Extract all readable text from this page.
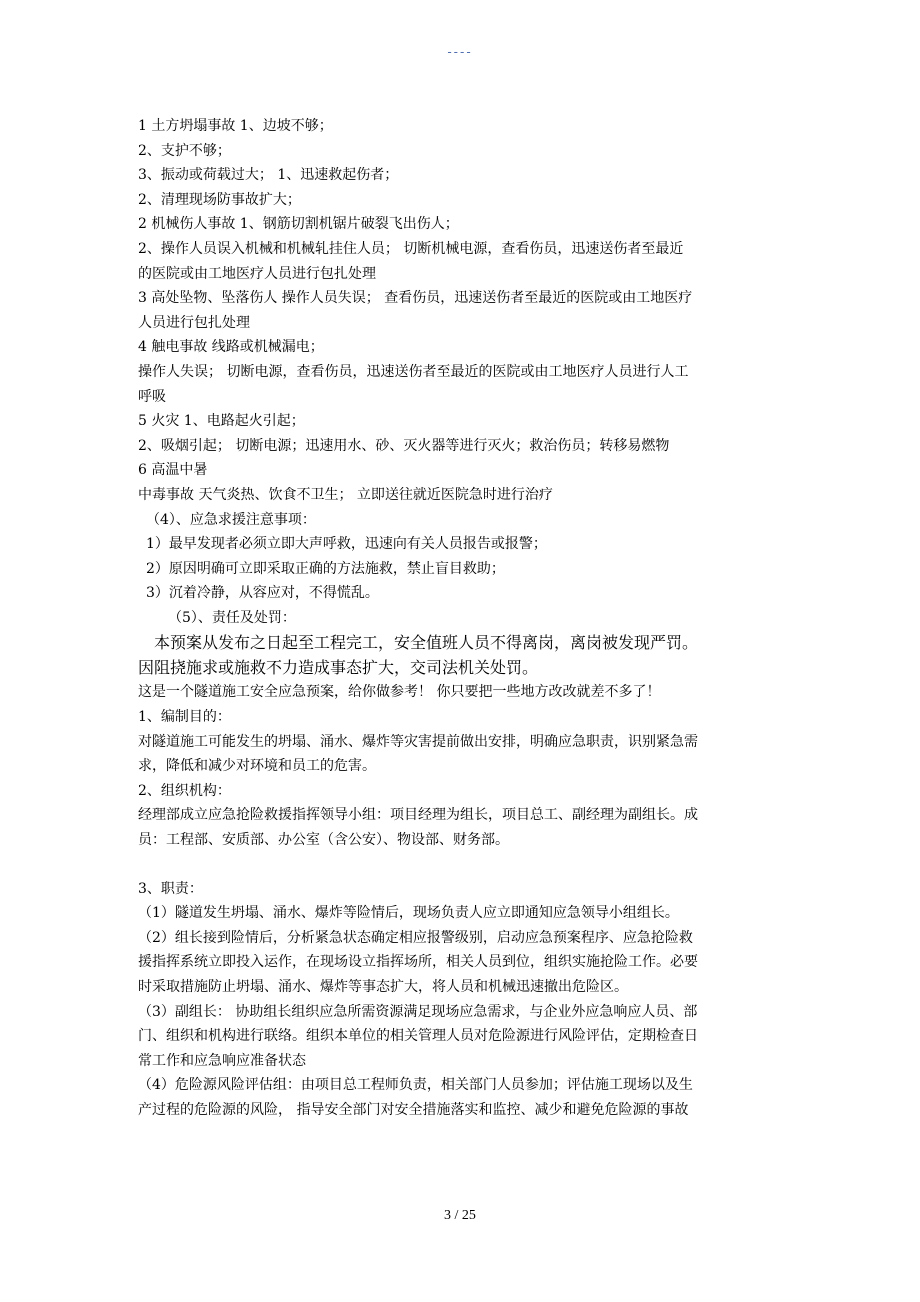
----
1 土方坍塌事故 1、边坡不够；
2、支护不够；
3、振动或荷载过大； 1、迅速救起伤者；
2、清理现场防事故扩大；
2 机械伤人事故 1、钢筋切割机锯片破裂飞出伤人；
2、操作人员误入机械和机械轧挂住人员； 切断机械电源，查看伤员，迅速送伤者至最近
的医院或由工地医疗人员进行包扎处理
3 高处坠物、坠落伤人 操作人员失误； 查看伤员，迅速送伤者至最近的医院或由工地医疗
人员进行包扎处理
4 触电事故 线路或机械漏电；
操作人失误； 切断电源，查看伤员，迅速送伤者至最近的医院或由工地医疗人员进行人工
呼吸
5 火灾 1、电路起火引起；
2、吸烟引起； 切断电源；迅速用水、砂、灭火器等进行灭火；救治伤员；转移易燃物
6 高温中暑
中毒事故 天气炎热、饮食不卫生； 立即送往就近医院急时进行治疗
（4）、应急求援注意事项：
1）最早发现者必须立即大声呼救，迅速向有关人员报告或报警；
2）原因明确可立即采取正确的方法施救，禁止盲目救助；
3）沉着冷静，从容应对，不得慌乱。
（5）、责任及处罚：
本预案从发布之日起至工程完工，安全值班人员不得离岗，离岗被发现严罚。
因阻挠施求或施救不力造成事态扩大，交司法机关处罚。
这是一个隧道施工安全应急预案，给你做参考！ 你只要把一些地方改改就差不多了！
1、编制目的：
对隧道施工可能发生的坍塌、涌水、爆炸等灾害提前做出安排，明确应急职责，识别紧急需
求，降低和减少对环境和员工的危害。
2、组织机构：
经理部成立应急抢险救援指挥领导小组：项目经理为组长，项目总工、副经理为副组长。成
员：工程部、安质部、办公室（含公安）、物设部、财务部。
3、职责：
（1）隧道发生坍塌、涌水、爆炸等险情后，现场负责人应立即通知应急领导小组组长。
（2）组长接到险情后，分析紧急状态确定相应报警级别，启动应急预案程序、应急抢险救
援指挥系统立即投入运作，在现场设立指挥场所，相关人员到位，组织实施抢险工作。必要
时采取措施防止坍塌、涌水、爆炸等事态扩大，将人员和机械迅速撤出危险区。
（3）副组长： 协助组长组织应急所需资源满足现场应急需求，与企业外应急响应人员、部
门、组织和机构进行联络。组织本单位的相关管理人员对危险源进行风险评估，定期检查日
常工作和应急响应准备状态
（4）危险源风险评估组：由项目总工程师负责，相关部门人员参加；评估施工现场以及生
产过程的危险源的风险， 指导安全部门对安全措施落实和监控、减少和避免危险源的事故
3 / 25
